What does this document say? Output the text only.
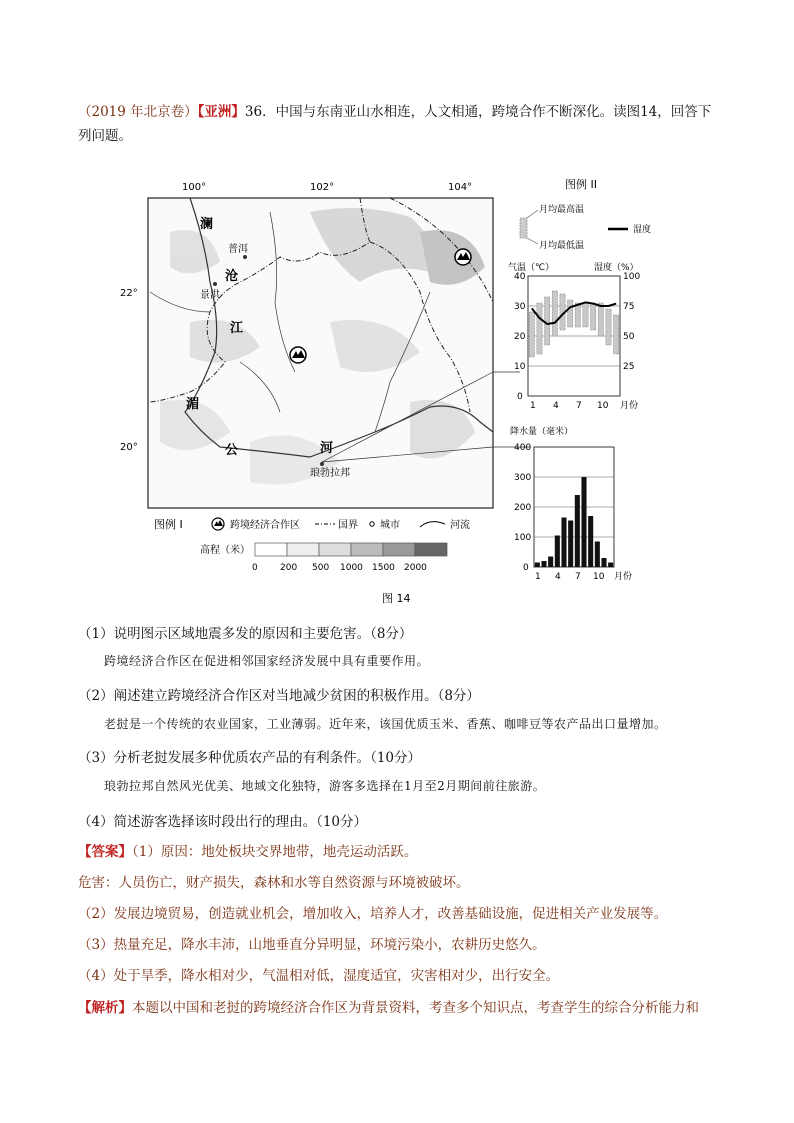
（2019 年北京卷）【亚洲】36．中国与东南亚山水相连，人文相通，跨境合作不断深化。读图14，回答下
列问题。
100°	102°	104°
22°
20°
普洱
景洪
琅勃拉邦
澜
沧
江
湄
公	河
图例 I	跨境经济合作区	国界 城市	河流
高程（米）
0 200 500 1000 1500 2000
图例 II
月均最高温
月均最低温
湿度
气温（℃）	湿度（%）
40
30
20
10
0
100
75
50
25
1 4 7 10 月份
降水量（毫米）
400
300
200
100
0
1 4 7 10 月份
图 14
（1）说明图示区域地震多发的原因和主要危害。（8分）
跨境经济合作区在促进相邻国家经济发展中具有重要作用。
（2）阐述建立跨境经济合作区对当地减少贫困的积极作用。（8分）
老挝是一个传统的农业国家，工业薄弱。近年来，该国优质玉米、香蕉、咖啡豆等农产品出口量增加。
（3）分析老挝发展多种优质农产品的有利条件。（10分）
琅勃拉邦自然风光优美、地域文化独特，游客多选择在1月至2月期间前往旅游。
（4）简述游客选择该时段出行的理由。（10分）
【答案】（1）原因：地处板块交界地带，地壳运动活跃。
危害：人员伤亡，财产损失，森林和水等自然资源与环境被破坏。
（2）发展边境贸易，创造就业机会，增加收入，培养人才，改善基础设施，促进相关产业发展等。
（3）热量充足，降水丰沛，山地垂直分异明显，环境污染小，农耕历史悠久。
（4）处于旱季，降水相对少，气温相对低，湿度适宜，灾害相对少，出行安全。
【解析】本题以中国和老挝的跨境经济合作区为背景资料，考查多个知识点，考查学生的综合分析能力和
